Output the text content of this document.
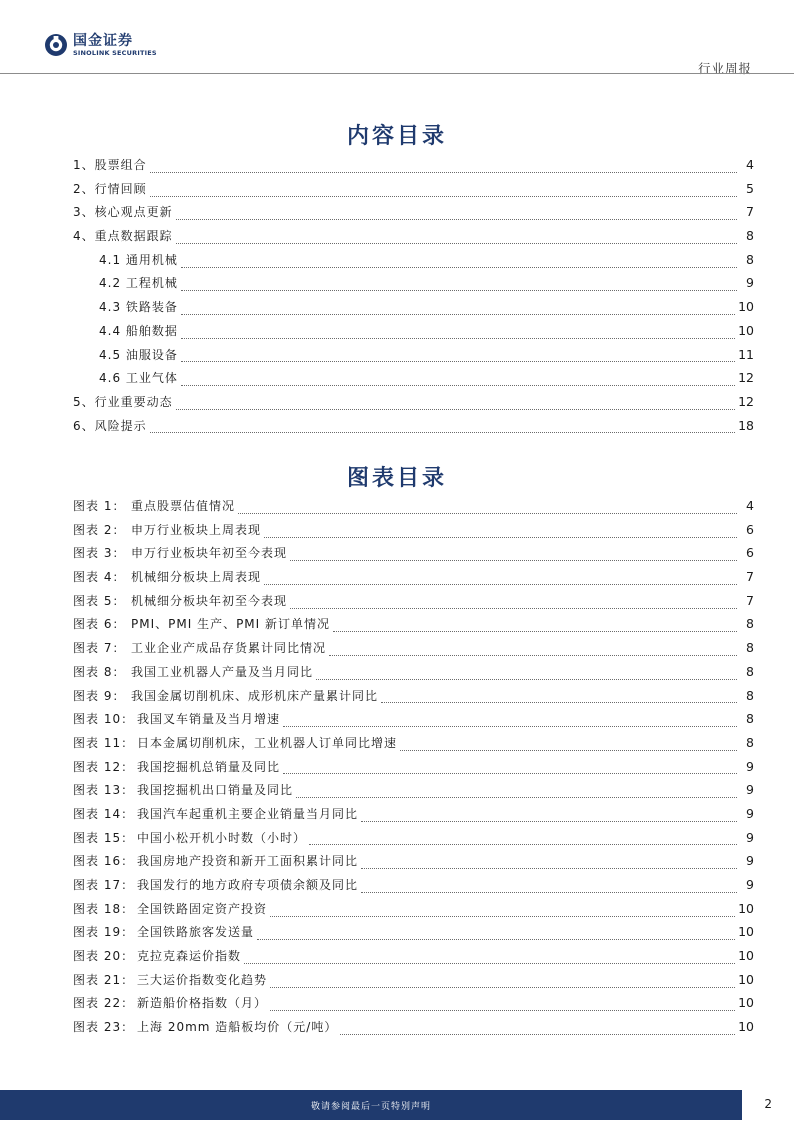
国金证券
SINOLINK SECURITIES
行业周报
内容目录
1、股票组合	4
2、行情回顾	5
3、核心观点更新	7
4、重点数据跟踪	8
4.1 通用机械	8
4.2 工程机械	9
4.3 铁路装备	10
4.4 船舶数据	10
4.5 油服设备	11
4.6 工业气体	12
5、行业重要动态	12
6、风险提示	18
图表目录
图表 1： 重点股票估值情况	4
图表 2： 申万行业板块上周表现	6
图表 3： 申万行业板块年初至今表现	6
图表 4： 机械细分板块上周表现	7
图表 5： 机械细分板块年初至今表现	7
图表 6： PMI、PMI 生产、PMI 新订单情况	8
图表 7： 工业企业产成品存货累计同比情况	8
图表 8： 我国工业机器人产量及当月同比	8
图表 9： 我国金属切削机床、成形机床产量累计同比	8
图表 10： 我国叉车销量及当月增速	8
图表 11： 日本金属切削机床，工业机器人订单同比增速	8
图表 12： 我国挖掘机总销量及同比	9
图表 13： 我国挖掘机出口销量及同比	9
图表 14： 我国汽车起重机主要企业销量当月同比	9
图表 15： 中国小松开机小时数（小时）	9
图表 16： 我国房地产投资和新开工面积累计同比	9
图表 17： 我国发行的地方政府专项债余额及同比	9
图表 18： 全国铁路固定资产投资	10
图表 19： 全国铁路旅客发送量	10
图表 20： 克拉克森运价指数	10
图表 21： 三大运价指数变化趋势	10
图表 22： 新造船价格指数（月）	10
图表 23： 上海 20mm 造船板均价（元/吨）	10
敬请参阅最后一页特别声明	2
